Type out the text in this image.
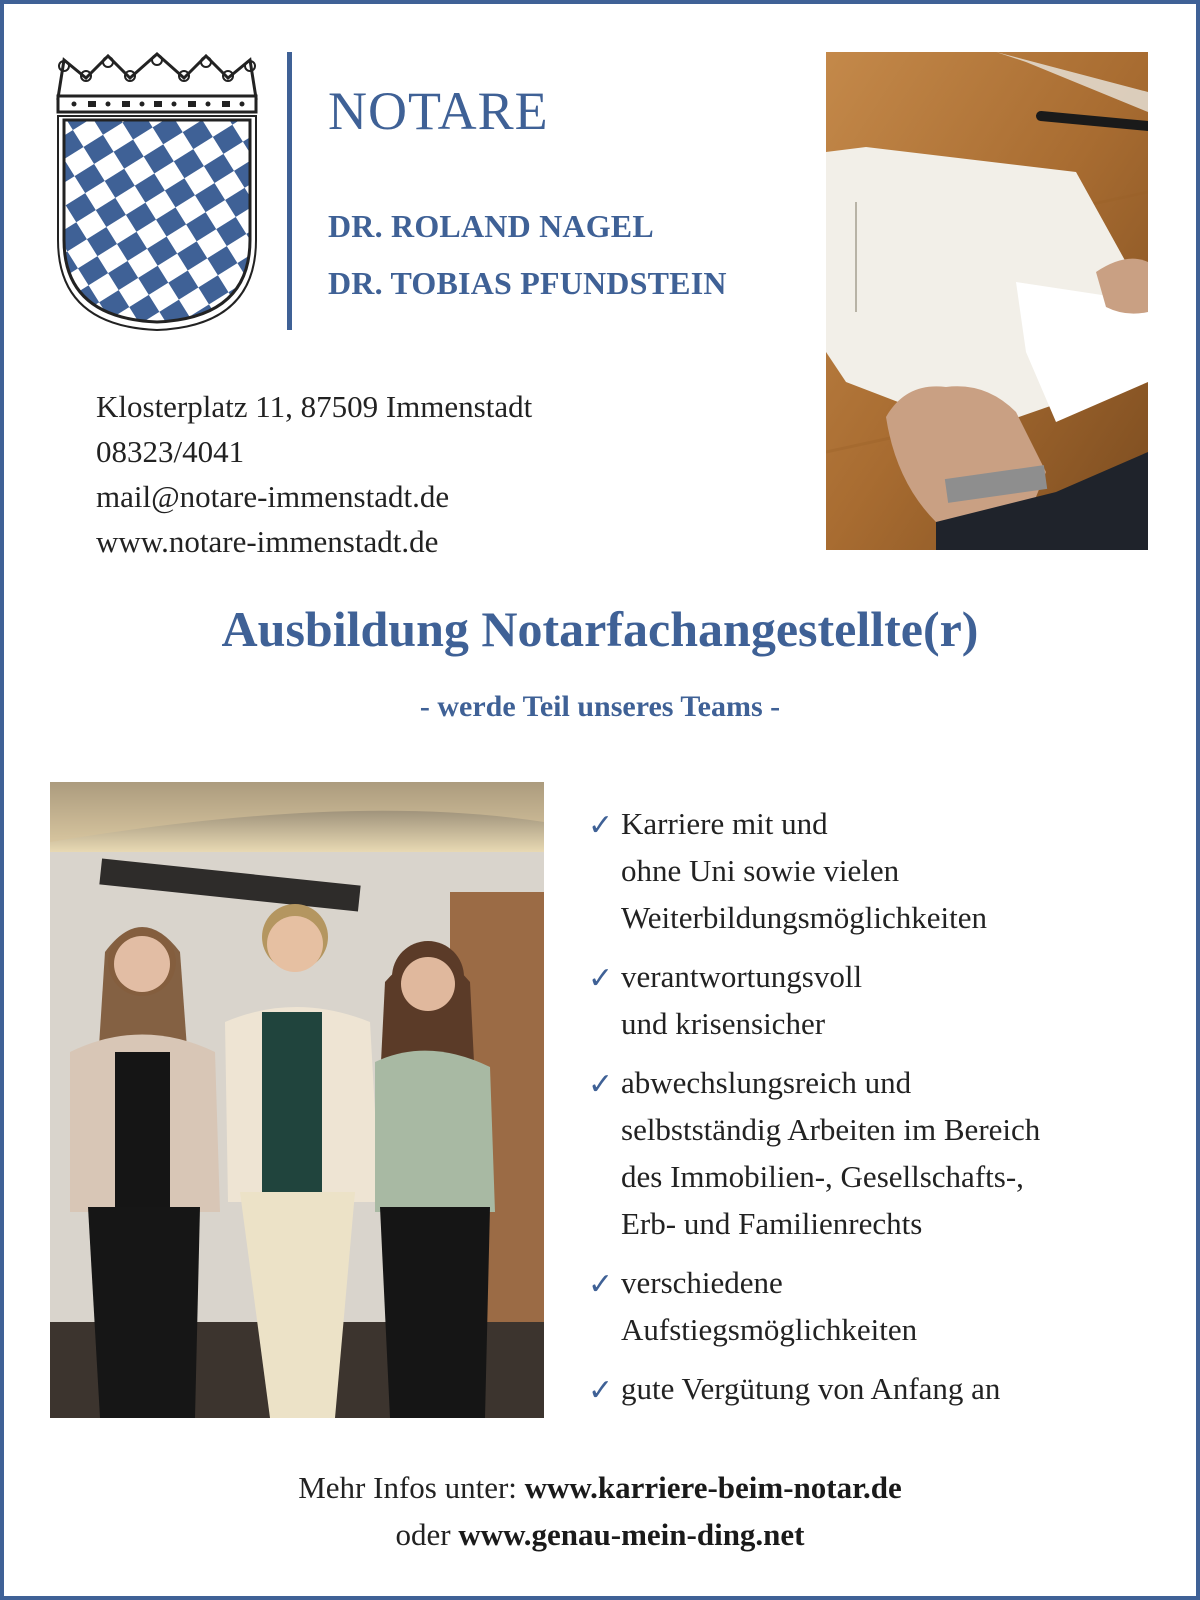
NOTARE
DR. ROLAND NAGEL
DR. TOBIAS PFUNDSTEIN
Klosterplatz 11, 87509 Immenstadt
08323/4041
mail@notare-immenstadt.de
www.notare-immenstadt.de
Ausbildung Notarfachangestellte(r)
- werde Teil unseres Teams -
✓ Karriere mit und
ohne Uni sowie vielen
Weiterbildungsmöglichkeiten
✓ verantwortungsvoll
und krisensicher
✓ abwechslungsreich und
selbstständig Arbeiten im Bereich
des Immobilien-, Gesellschafts-,
Erb- und Familienrechts
✓ verschiedene
Aufstiegsmöglichkeiten
✓ gute Vergütung von Anfang an
Mehr Infos unter: www.karriere-beim-notar.de
oder www.genau-mein-ding.net
